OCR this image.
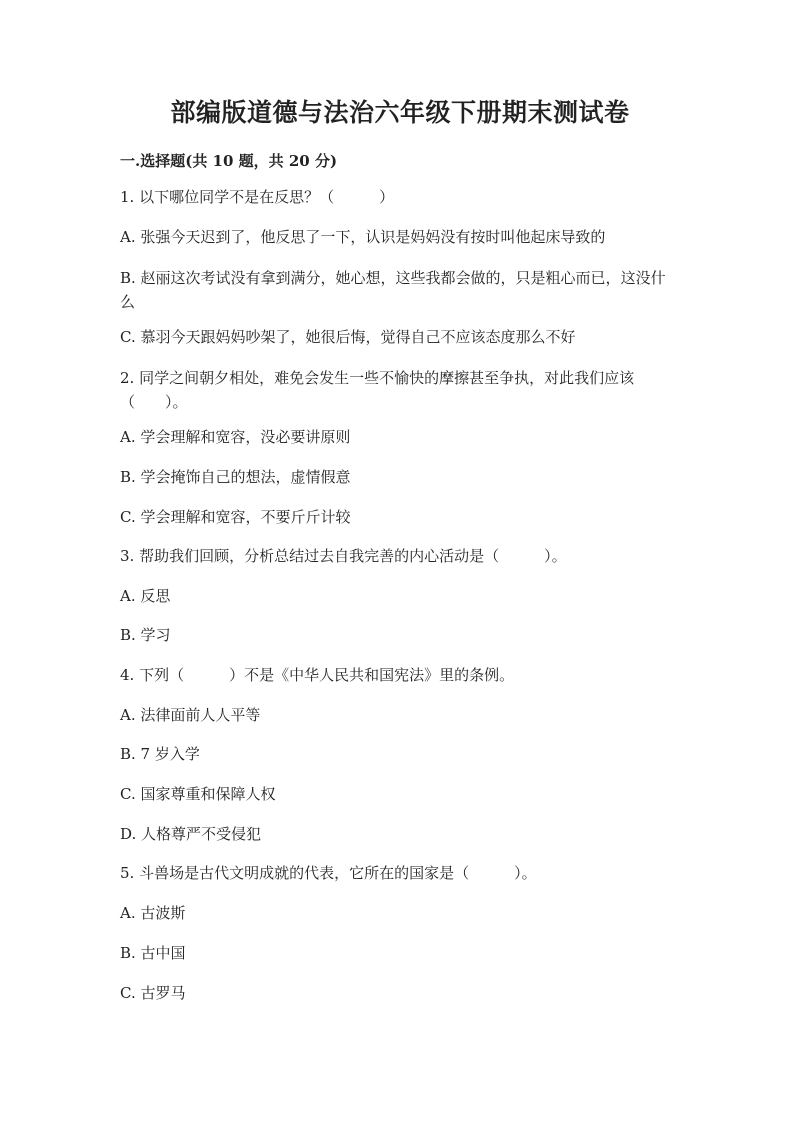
部编版道德与法治六年级下册期末测试卷

一.选择题(共 10 题，共 20 分)

1. 以下哪位同学不是在反思？（　　　）

A. 张强今天迟到了，他反思了一下，认识是妈妈没有按时叫他起床导致的

B. 赵丽这次考试没有拿到满分，她心想，这些我都会做的，只是粗心而已，这没什么

C. 慕羽今天跟妈妈吵架了，她很后悔，觉得自己不应该态度那么不好

2. 同学之间朝夕相处，难免会发生一些不愉快的摩擦甚至争执，对此我们应该（　　）。

A. 学会理解和宽容，没必要讲原则

B. 学会掩饰自己的想法，虚情假意

C. 学会理解和宽容，不要斤斤计较

3. 帮助我们回顾，分析总结过去自我完善的内心活动是（　　　）。

A. 反思

B. 学习

4. 下列（　　　）不是《中华人民共和国宪法》里的条例。

A. 法律面前人人平等

B. 7 岁入学

C. 国家尊重和保障人权

D. 人格尊严不受侵犯

5. 斗兽场是古代文明成就的代表，它所在的国家是（　　　）。

A. 古波斯

B. 古中国

C. 古罗马
